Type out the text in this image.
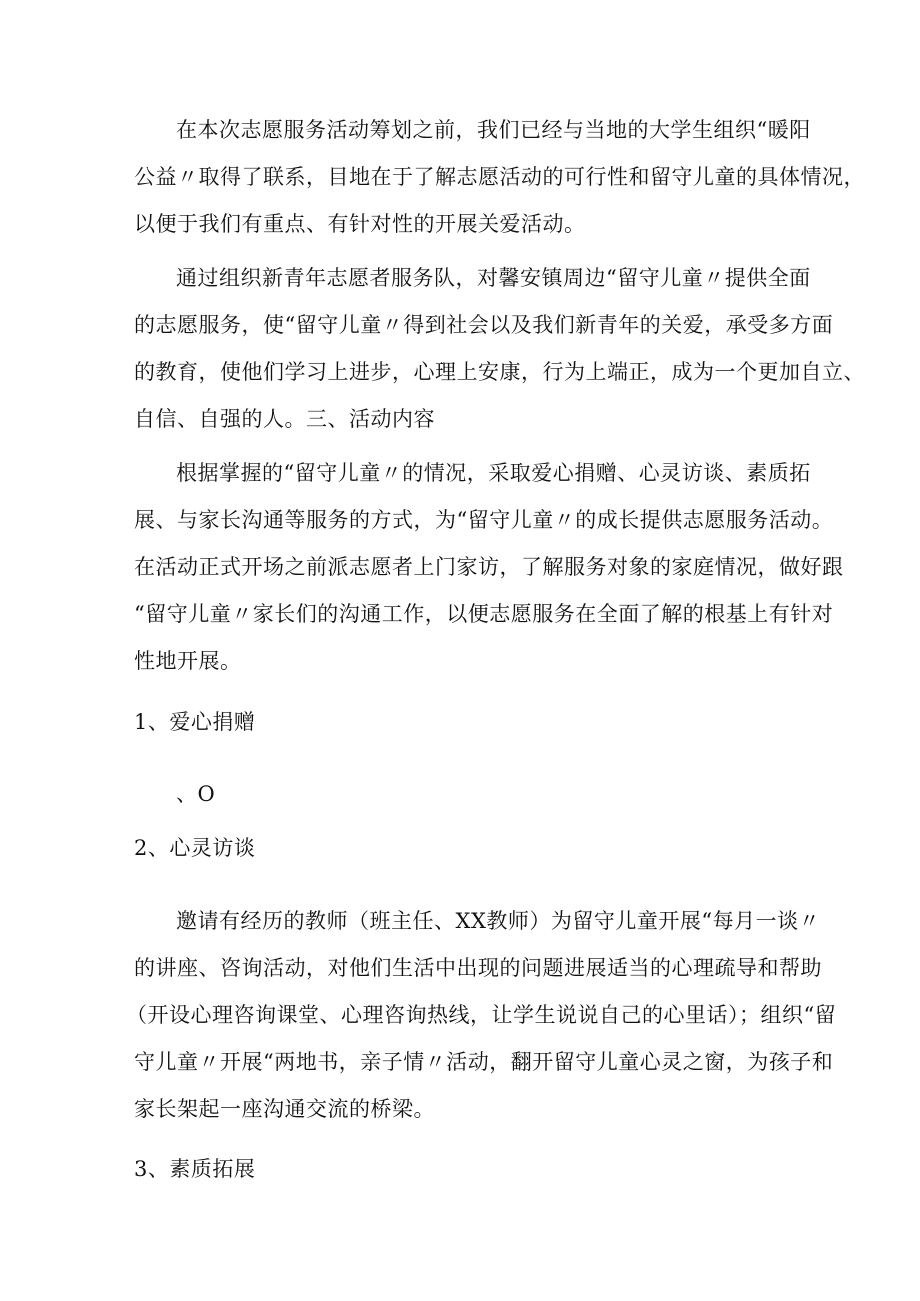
在本次志愿服务活动筹划之前，我们已经与当地的大学生组织“暖阳
公益〃取得了联系，目地在于了解志愿活动的可行性和留守儿童的具体情况，
以便于我们有重点、有针对性的开展关爱活动。
通过组织新青年志愿者服务队，对馨安镇周边“留守儿童〃提供全面
的志愿服务，使“留守儿童〃得到社会以及我们新青年的关爱，承受多方面
的教育，使他们学习上进步，心理上安康，行为上端正，成为一个更加自立、
自信、自强的人。三、活动内容
根据掌握的“留守儿童〃的情况，采取爱心捐赠、心灵访谈、素质拓
展、与家长沟通等服务的方式，为“留守儿童〃的成长提供志愿服务活动。
在活动正式开场之前派志愿者上门家访，了解服务对象的家庭情况，做好跟
“留守儿童〃家长们的沟通工作，以便志愿服务在全面了解的根基上有针对
性地开展。
1、爱心捐赠
、O
2、心灵访谈
邀请有经历的教师（班主任、XX教师）为留守儿童开展“每月一谈〃
的讲座、咨询活动，对他们生活中出现的问题进展适当的心理疏导和帮助
（开设心理咨询课堂、心理咨询热线，让学生说说自己的心里话）；组织“留
守儿童〃开展“两地书，亲子情〃活动，翻开留守儿童心灵之窗，为孩子和
家长架起一座沟通交流的桥梁。
3、素质拓展
